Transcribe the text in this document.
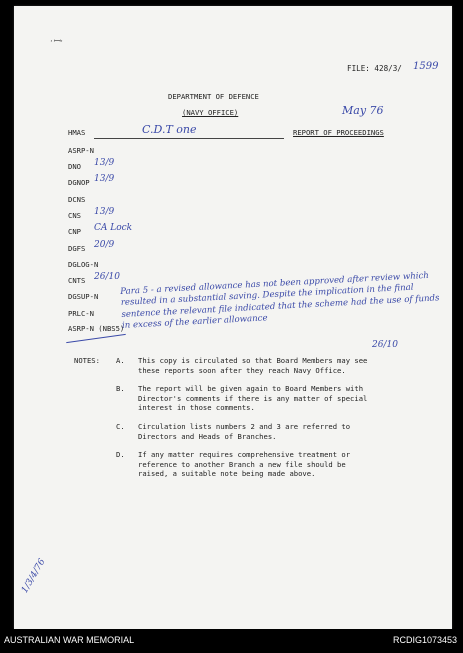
·ꟷ·
FILE: 428/3/ 1599
DEPARTMENT OF DEFENCE
(NAVY OFFICE)	May 76
HMAS	C.D.T one	REPORT OF PROCEEDINGS
ASRP-N
DNO 13/9
DGNOP 13/9
DCNS
CNS 13/9
CNP CA Lock
DGFS 20/9
DGLOG-N
CNTS 26/10
DGSUP-N
PRLC-N
ASRP-N (NBS5)
Para 5 - a revised allowance has not been approved after review which resulted in a substantial saving. Despite the implication in the final sentence the relevant file indicated that the scheme had the use of funds in excess of the earlier allowance
26/10
NOTES: A. This copy is circulated so that Board Members may see
these reports soon after they reach Navy Office.
B. The report will be given again to Board Members with
Director's comments if there is any matter of special
interest in those comments.
C. Circulation lists numbers 2 and 3 are referred to
Directors and Heads of Branches.
D. If any matter requires comprehensive treatment or
reference to another Branch a new file should be
raised, a suitable note being made above.
1/3/4/76
AUSTRALIAN WAR MEMORIAL	RCDIG1073453
